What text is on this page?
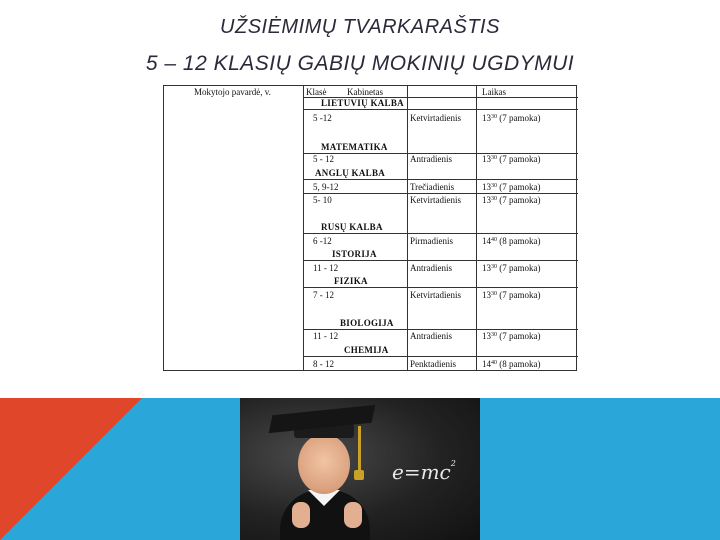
UŽSIĖMIMŲ TVARKARAŠTIS
5 – 12 KLASIŲ GABIŲ MOKINIŲ UGDYMUI
Mokytojo pavardė, v.	Klasė Kabinetas	Laikas
LIETUVIŲ KALBA
5 -12	Ketvirtadienis $13^{30}$ (7 pamoka)
MATEMATIKA
5 - 12	Antradienis	$13^{30}$ (7 pamoka)
ANGLŲ KALBA
5, 9-12	Trečiadienis	$13^{30}$ (7 pamoka)
5- 10	Ketvirtadienis $13^{30}$ (7 pamoka)
RUSŲ KALBA
6 -12	Pirmadienis	$14^{40}$ (8 pamoka)
ISTORIJA
11 - 12	Antradienis	$13^{30}$ (7 pamoka)
FIZIKA
7 - 12	Ketvirtadienis $13^{30}$ (7 pamoka)
BIOLOGIJA
11 - 12	Antradienis	$13^{30}$ (7 pamoka)
CHEMIJA
8 - 12	Penktadienis	$14^{40}$ (8 pamoka)
$e=mc^2$
